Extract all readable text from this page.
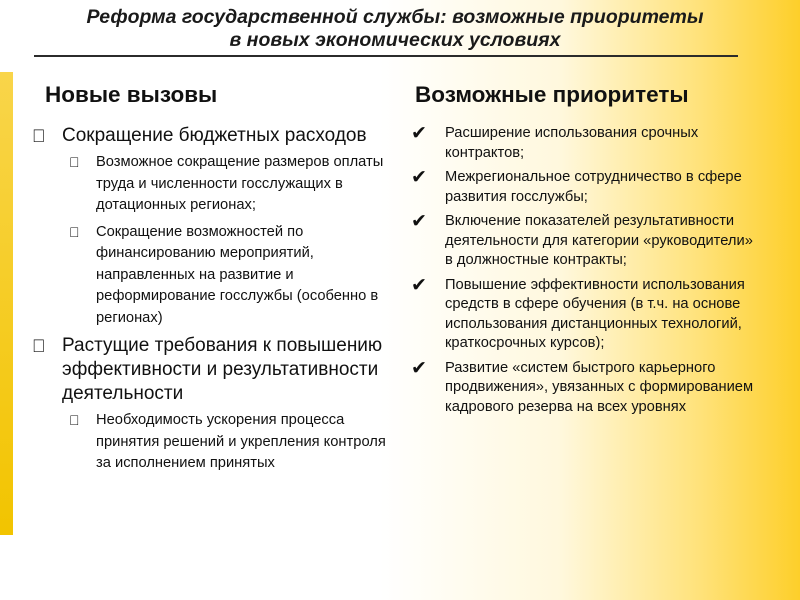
Реформа государственной службы: возможные приоритеты
в новых экономических условиях
Новые вызовы	Возможные приоритеты
Сокращение бюджетных расходов
Возможное сокращение размеров оплаты труда и численности госслужащих в дотационных регионах;
Сокращение возможностей по финансированию мероприятий, направленных на развитие и реформирование госслужбы (особенно в регионах)
Растущие требования к повышению эффективности и результативности деятельности
Необходимость ускорения процесса принятия решений и укрепления контроля за исполнением принятых
✔ Расширение использования срочных контрактов;
✔ Межрегиональное сотрудничество в сфере развития госслужбы;
✔ Включение показателей результативности деятельности для категории «руководители» в должностные контракты;
✔ Повышение эффективности использования средств в сфере обучения (в т.ч. на основе использования дистанционных технологий, краткосрочных курсов);
✔ Развитие «систем быстрого карьерного продвижения», увязанных с формированием кадрового резерва на всех уровнях
